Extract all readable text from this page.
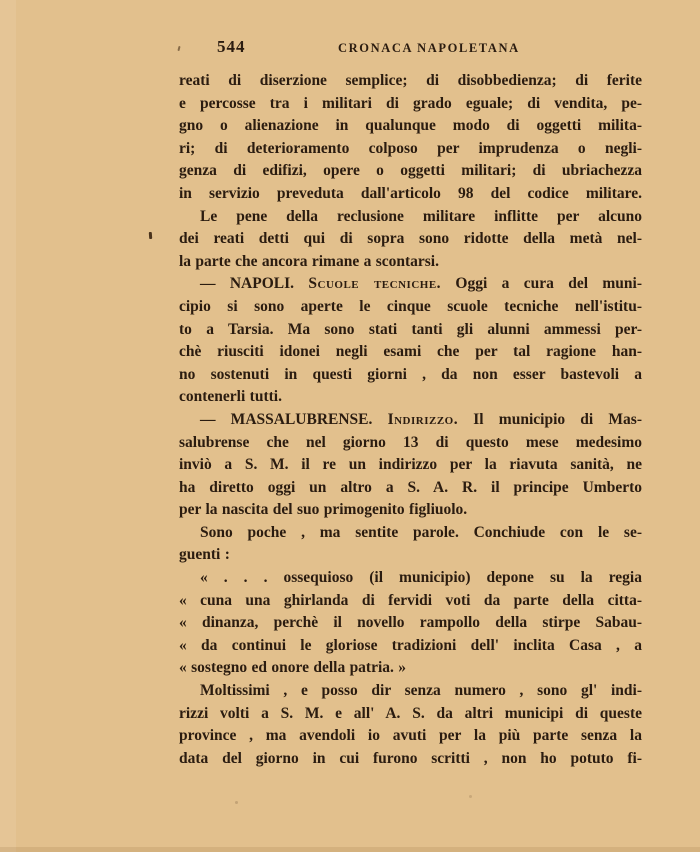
544	CRONACA NAPOLETANA
reati di diserzione semplice; di disobbedienza; di ferite
e percosse tra i militari di grado eguale; di vendita, pe-
gno o alienazione in qualunque modo di oggetti milita-
ri; di deterioramento colposo per imprudenza o negli-
genza di edifizi, opere o oggetti militari; di ubriachezza
in servizio preveduta dall'articolo 98 del codice militare.
Le pene della reclusione militare inflitte per alcuno
dei reati detti qui di sopra sono ridotte della metà nel-
la parte che ancora rimane a scontarsi.
— NAPOLI. Scuole tecniche. Oggi a cura del muni-
cipio si sono aperte le cinque scuole tecniche nell'istitu-
to a Tarsia. Ma sono stati tanti gli alunni ammessi per-
chè riusciti idonei negli esami che per tal ragione han-
no sostenuti in questi giorni , da non esser bastevoli a
contenerli tutti.
— MASSALUBRENSE. Indirizzo. Il municipio di Mas-
salubrense che nel giorno 13 di questo mese medesimo
inviò a S. M. il re un indirizzo per la riavuta sanità, ne
ha diretto oggi un altro a S. A. R. il principe Umberto
per la nascita del suo primogenito figliuolo.
Sono poche , ma sentite parole. Conchiude con le se-
guenti :
« . . . ossequioso (il municipio) depone su la regia
« cuna una ghirlanda di fervidi voti da parte della citta-
« dinanza, perchè il novello rampollo della stirpe Sabau-
« da continui le gloriose tradizioni dell' inclita Casa , a
« sostegno ed onore della patria. »
Moltissimi , e posso dir senza numero , sono gl' indi-
rizzi volti a S. M. e all' A. S. da altri municipi di queste
province , ma avendoli io avuti per la più parte senza la
data del giorno in cui furono scritti , non ho potuto fi-
